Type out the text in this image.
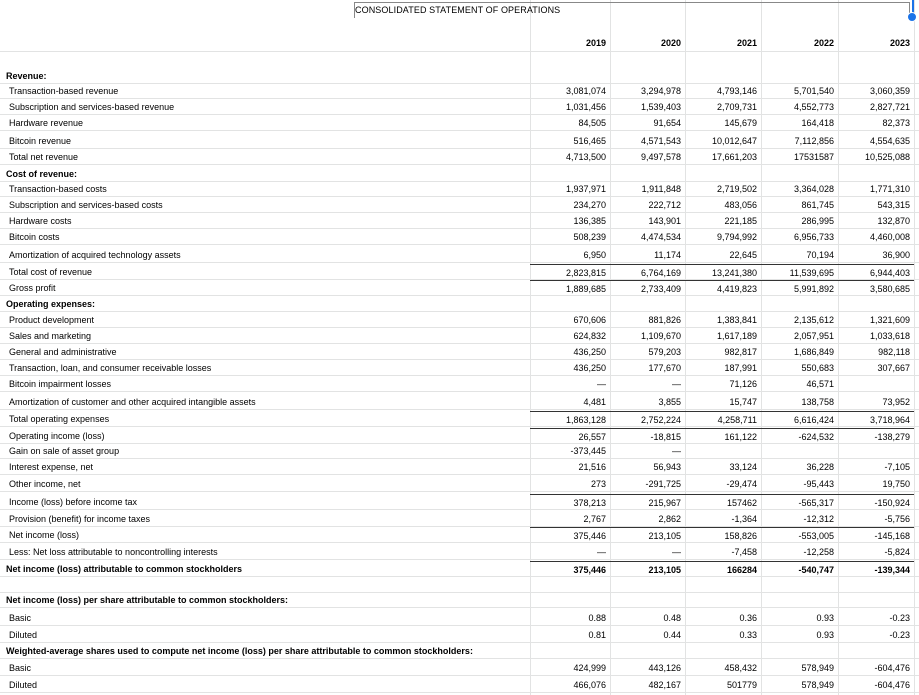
CONSOLIDATED STATEMENT OF OPERATIONS
2019	2020	2021	2022	2023
Revenue:
Transaction-based revenue	3,081,074	3,294,978	4,793,146	5,701,540	3,060,359
Subscription and services-based revenue	1,031,456	1,539,403	2,709,731	4,552,773	2,827,721
Hardware revenue	84,505	91,654	145,679	164,418	82,373
Bitcoin revenue	516,465	4,571,543	10,012,647	7,112,856	4,554,635
Total net revenue	4,713,500	9,497,578	17,661,203	17531587	10,525,088
Cost of revenue:
Transaction-based costs	1,937,971	1,911,848	2,719,502	3,364,028	1,771,310
Subscription and services-based costs	234,270	222,712	483,056	861,745	543,315
Hardware costs	136,385	143,901	221,185	286,995	132,870
Bitcoin costs	508,239	4,474,534	9,794,992	6,956,733	4,460,008
Amortization of acquired technology assets	6,950	11,174	22,645	70,194	36,900
Total cost of revenue	2,823,815	6,764,169	13,241,380	11,539,695	6,944,403
Gross profit	1,889,685	2,733,409	4,419,823	5,991,892	3,580,685
Operating expenses:
Product development	670,606	881,826	1,383,841	2,135,612	1,321,609
Sales and marketing	624,832	1,109,670	1,617,189	2,057,951	1,033,618
General and administrative	436,250	579,203	982,817	1,686,849	982,118
Transaction, loan, and consumer receivable losses	436,250	177,670	187,991	550,683	307,667
Bitcoin impairment losses	—	—	71,126	46,571
Amortization of customer and other acquired intangible assets	4,481	3,855	15,747	138,758	73,952
Total operating expenses	1,863,128	2,752,224	4,258,711	6,616,424	3,718,964
Operating income (loss)	26,557	-18,815	161,122	-624,532	-138,279
Gain on sale of asset group	-373,445	—
Interest expense, net	21,516	56,943	33,124	36,228	-7,105
Other income, net	273	-291,725	-29,474	-95,443	19,750
Income (loss) before income tax	378,213	215,967	157462	-565,317	-150,924
Provision (benefit) for income taxes	2,767	2,862	-1,364	-12,312	-5,756
Net income (loss)	375,446	213,105	158,826	-553,005	-145,168
Less: Net loss attributable to noncontrolling interests	—	—	-7,458	-12,258	-5,824
Net income (loss) attributable to common stockholders	375,446	213,105	166284	-540,747	-139,344
Net income (loss) per share attributable to common stockholders:
Basic	0.88	0.48	0.36	0.93	-0.23
Diluted	0.81	0.44	0.33	0.93	-0.23
Weighted-average shares used to compute net income (loss) per share attributable to common stockholders:
Basic	424,999	443,126	458,432	578,949	-604,476
Diluted	466,076	482,167	501779	578,949	-604,476
